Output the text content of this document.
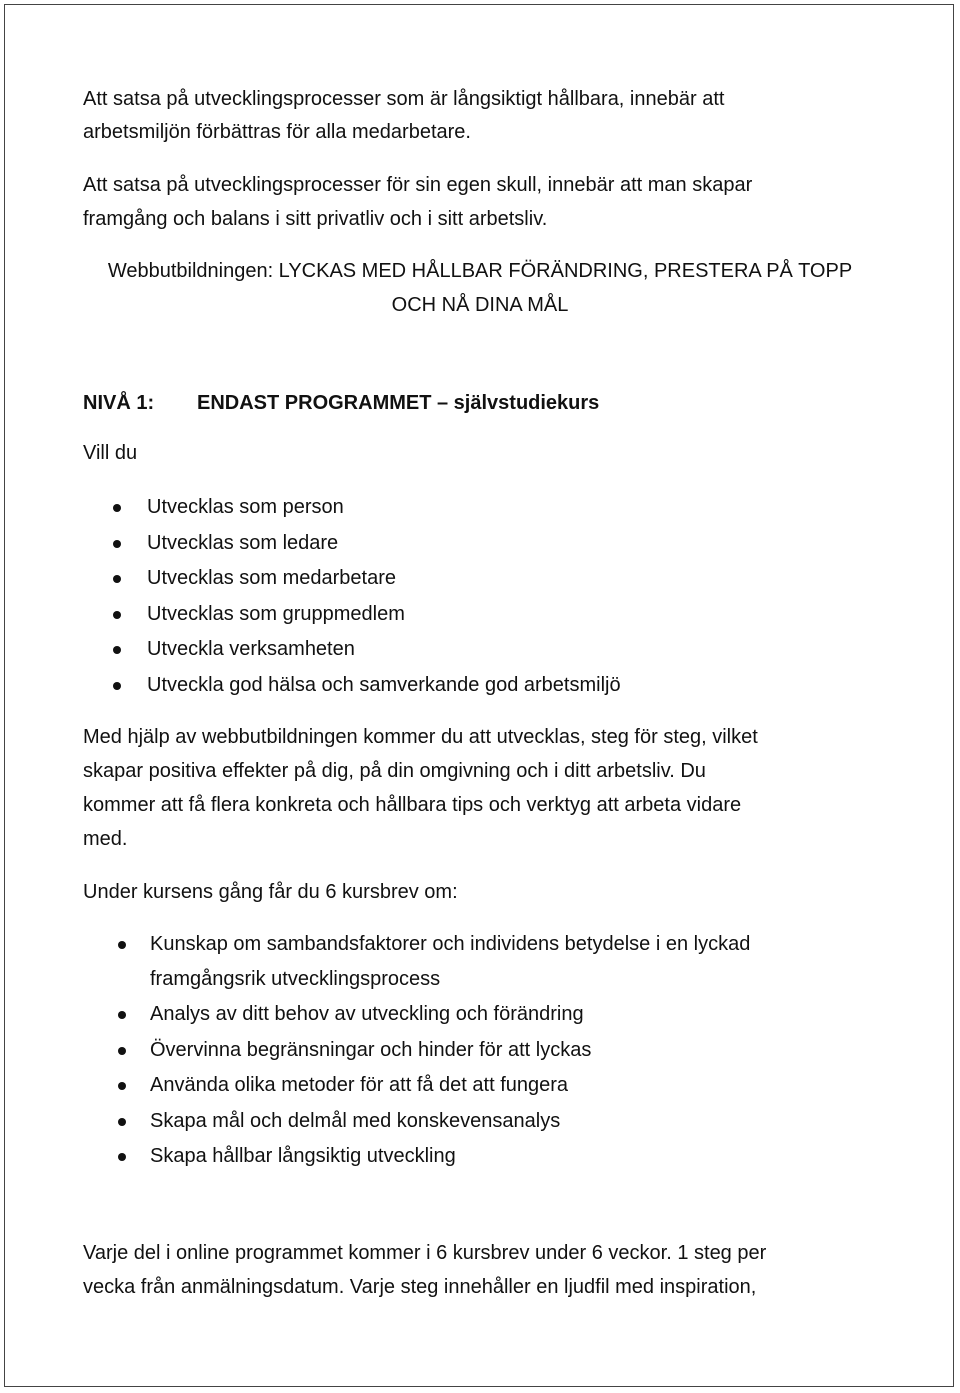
Att satsa på utvecklingsprocesser som är långsiktigt hållbara, innebär att

arbetsmiljön förbättras för alla medarbetare.

Att satsa på utvecklingsprocesser för sin egen skull, innebär att man skapar

framgång och balans i sitt privatliv och i sitt arbetsliv.

Webbutbildningen: LYCKAS MED HÅLLBAR FÖRÄNDRING, PRESTERA PÅ TOPP
OCH NÅ DINA MÅL

NIVÅ 1: ENDAST PROGRAMMET – självstudiekurs

Vill du

Utvecklas som person
Utvecklas som ledare
Utvecklas som medarbetare
Utvecklas som gruppmedlem
Utveckla verksamheten
Utveckla god hälsa och samverkande god arbetsmiljö

Med hjälp av webbutbildningen kommer du att utvecklas, steg för steg, vilket

skapar positiva effekter på dig, på din omgivning och i ditt arbetsliv. Du

kommer att få flera konkreta och hållbara tips och verktyg att arbeta vidare

med.

Under kursens gång får du 6 kursbrev om:

Kunskap om sambandsfaktorer och individens betydelse i en lyckad
framgångsrik utvecklingsprocess
Analys av ditt behov av utveckling och förändring
Övervinna begränsningar och hinder för att lyckas
Använda olika metoder för att få det att fungera
Skapa mål och delmål med konskevensanalys
Skapa hållbar långsiktig utveckling

Varje del i online programmet kommer i 6 kursbrev under 6 veckor. 1 steg per

vecka från anmälningsdatum. Varje steg innehåller en ljudfil med inspiration,
